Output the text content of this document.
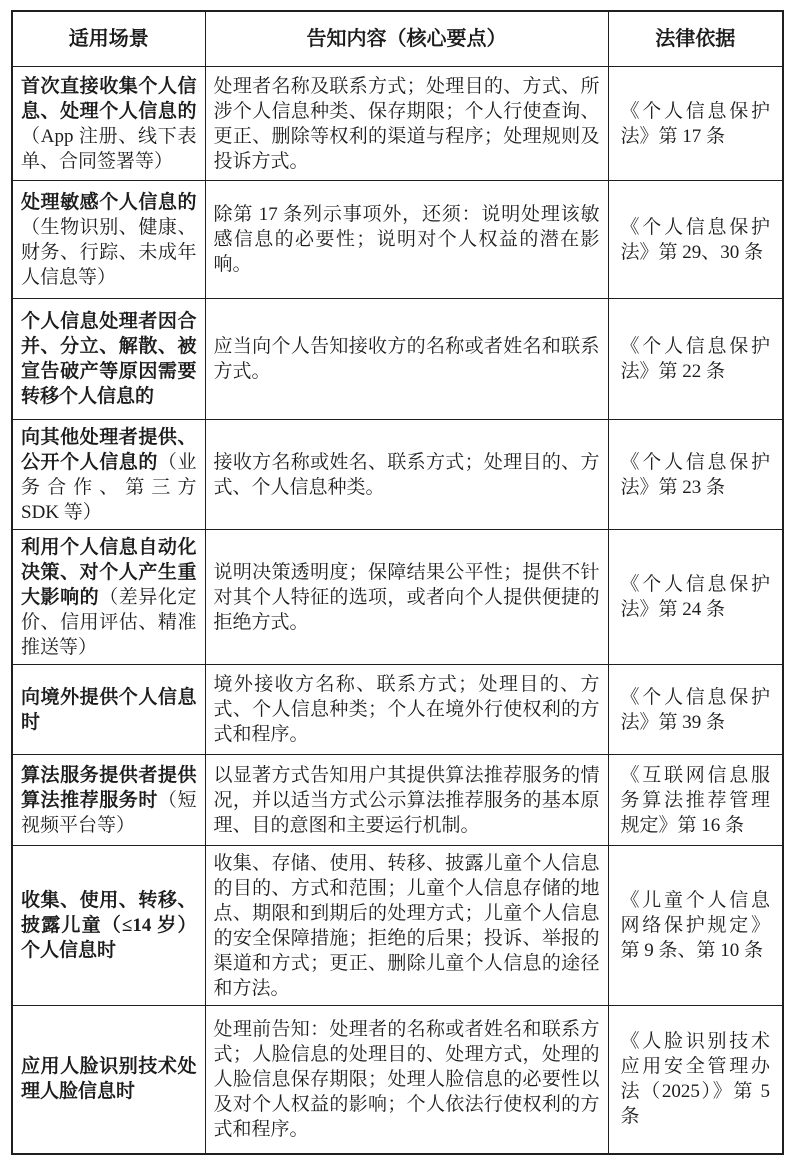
适用场景	告知内容（核心要点）	法律依据
首次直接收集个人信息、处理个人信息的（App 注册、线下表单、合同签署等）	处理者名称及联系方式；处理目的、方式、所涉个人信息种类、保存期限；个人行使查询、更正、删除等权利的渠道与程序；处理规则及投诉方式。	《个人信息保护法》第 17 条
处理敏感个人信息的（生物识别、健康、财务、行踪、未成年人信息等）	除第 17 条列示事项外，还须：说明处理该敏感信息的必要性；说明对个人权益的潜在影响。	《个人信息保护法》第 29、30 条
个人信息处理者因合并、分立、解散、被宣告破产等原因需要转移个人信息的	应当向个人告知接收方的名称或者姓名和联系方式。	《个人信息保护法》第 22 条
向其他处理者提供、公开个人信息的（业务合作、第三方 SDK 等）	接收方名称或姓名、联系方式；处理目的、方式、个人信息种类。	《个人信息保护法》第 23 条
利用个人信息自动化决策、对个人产生重大影响的（差异化定价、信用评估、精准推送等）	说明决策透明度；保障结果公平性；提供不针对其个人特征的选项，或者向个人提供便捷的拒绝方式。	《个人信息保护法》第 24 条
向境外提供个人信息时	境外接收方名称、联系方式；处理目的、方式、个人信息种类；个人在境外行使权利的方式和程序。	《个人信息保护法》第 39 条
算法服务提供者提供算法推荐服务时（短视频平台等）	以显著方式告知用户其提供算法推荐服务的情况，并以适当方式公示算法推荐服务的基本原理、目的意图和主要运行机制。	《互联网信息服务算法推荐管理规定》第 16 条
收集、使用、转移、披露儿童（≤14 岁）个人信息时	收集、存储、使用、转移、披露儿童个人信息的目的、方式和范围；儿童个人信息存储的地点、期限和到期后的处理方式；儿童个人信息的安全保障措施；拒绝的后果；投诉、举报的渠道和方式；更正、删除儿童个人信息的途径和方法。	《儿童个人信息网络保护规定》第 9 条、第 10 条
应用人脸识别技术处理人脸信息时	处理前告知：处理者的名称或者姓名和联系方式；人脸信息的处理目的、处理方式，处理的人脸信息保存期限；处理人脸信息的必要性以及对个人权益的影响；个人依法行使权利的方式和程序。	《人脸识别技术应用安全管理办法（2025）》第 5 条
